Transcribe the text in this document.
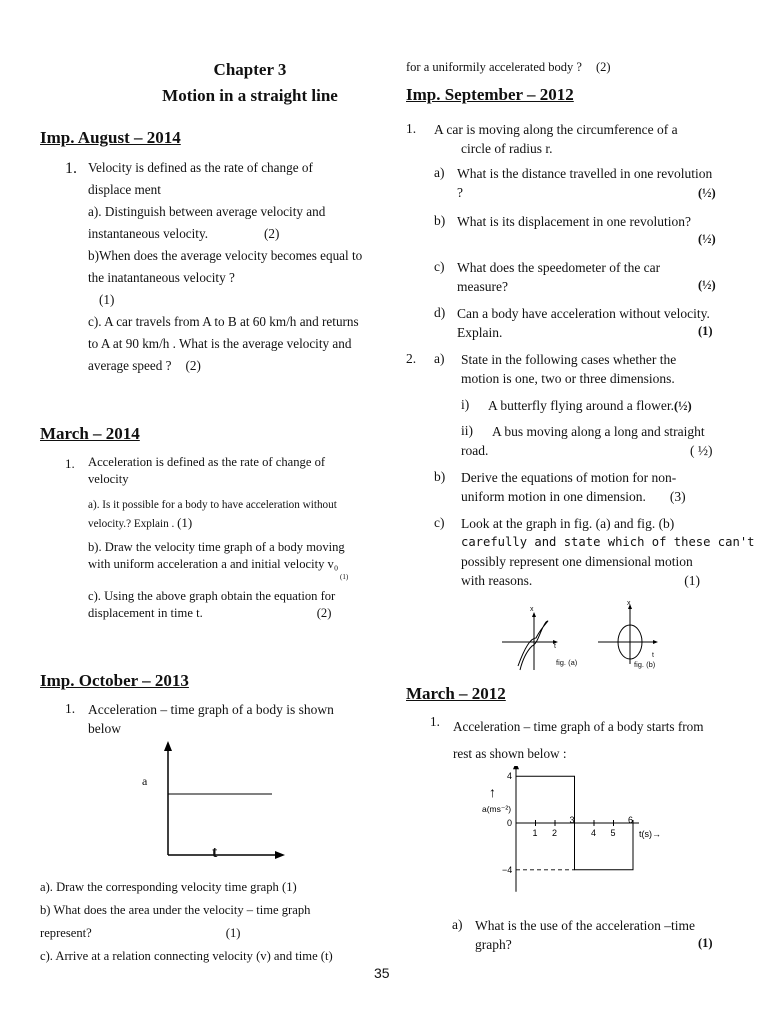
Chapter 3
Motion in a straight line
Imp. August – 2014
1. Velocity is defined as the rate of change of
displace ment
a). Distinguish between average velocity and
instantaneous velocity.	(2)
b)When does the average velocity becomes equal to
the inatantaneous velocity ?
(1)
c). A car travels from A to B at 60 km/h and returns
to A at 90 km/h . What is the average velocity and
average speed ? (2)
March – 2014
1. Acceleration is defined as the rate of change of
velocity
a). Is it possible for a body to have acceleration without
velocity.? Explain . (1)
b). Draw the velocity time graph of a body moving
with uniform acceleration a and initial velocity v₀
(1)
c). Using the above graph obtain the equation for
displacement in time t.	(2)
Imp. October – 2013
1. Acceleration – time graph of a body is shown
below
a
t
a). Draw the corresponding velocity time graph (1)
b) What does the area under the velocity – time graph
represent?	(1)
c). Arrive at a relation connecting velocity (v) and time (t)
for a uniformily accelerated body ? (2)
Imp. September – 2012
1. A car is moving along the circumference of a
circle of radius r.
a) What is the distance travelled in one revolution
?	(½)
b) What is its displacement in one revolution?
(½)
c) What does the speedometer of the car
measure?	(½)
d) Can a body have acceleration without velocity.
Explain.	(1)
2. a) State in the following cases whether the
motion is one, two or three dimensions.
i) A butterfly flying around a flower.(½)
ii) A bus moving along a long and straight
road.	( ½)
b) Derive the equations of motion for non-
uniform motion in one dimension. (3)
c) Look at the graph in fig. (a) and fig. (b)
carefully and state which of these can't
possibly represent one dimensional motion
with reasons.	(1)
x
t
fig. (a)
x
t
fig. (b)
March – 2012
1. Acceleration – time graph of a body starts from
rest as shown below :
a(ms⁻²)
↑
t(s)→
4
0
−4
1 2
3
4 5
6
a) What is the use of the acceleration –time
graph?	(1)
35
